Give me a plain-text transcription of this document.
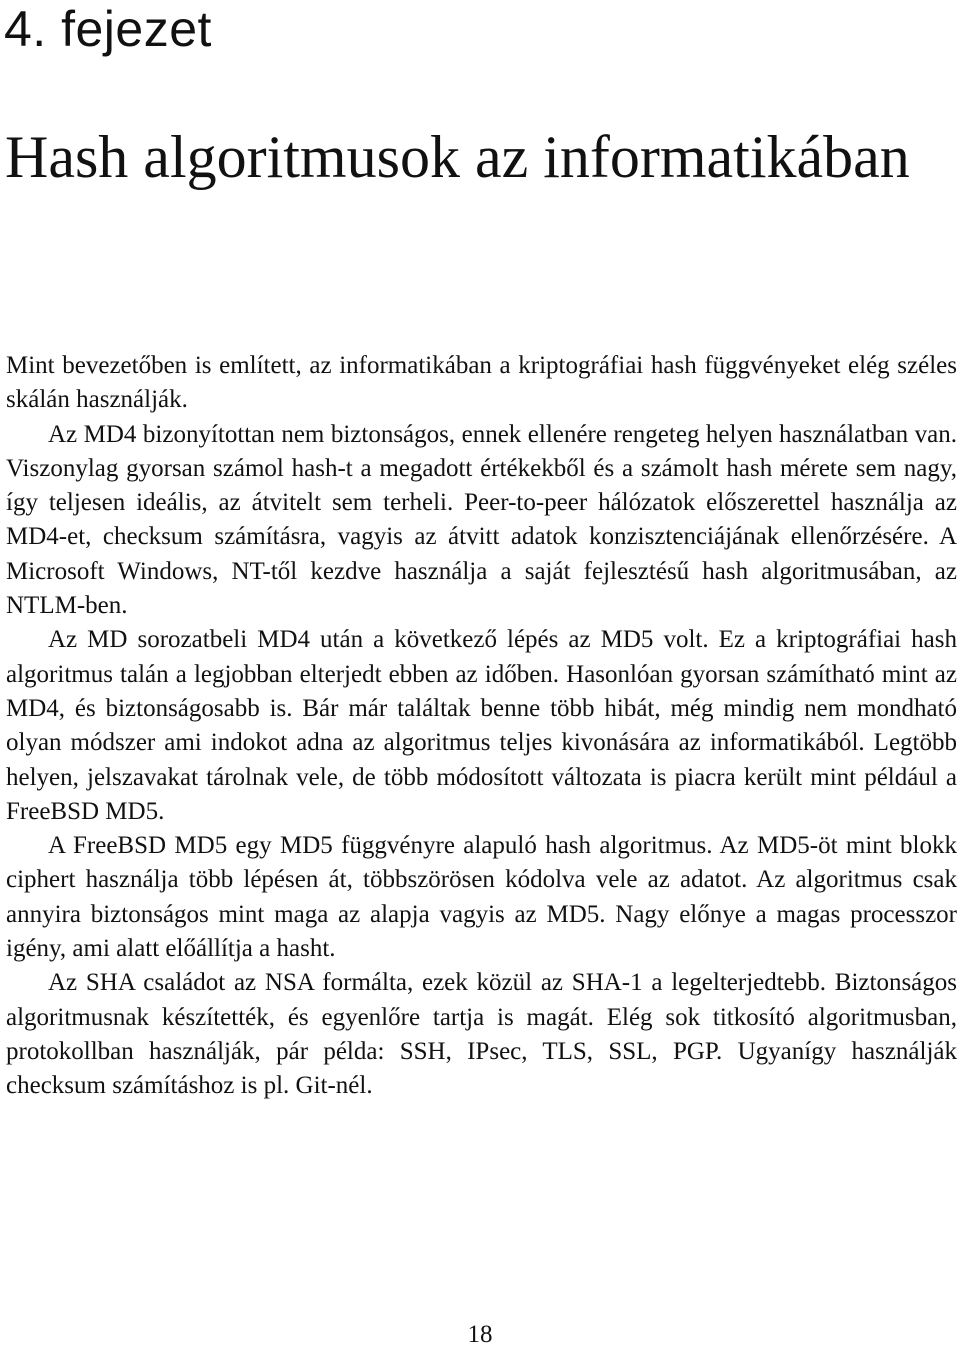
4. fejezet
Hash algoritmusok az informatikában

Mint bevezetőben is említett, az informatikában a kriptográfiai hash függvényeket elég széles skálán használják.

Az MD4 bizonyítottan nem biztonságos, ennek ellenére rengeteg helyen használatban van. Viszonylag gyorsan számol hash-t a megadott értékekből és a számolt hash mérete sem nagy, így teljesen ideális, az átvitelt sem terheli. Peer-to-peer hálózatok előszerettel használja az MD4-et, checksum számításra, vagyis az átvitt adatok konzisztenciájának ellenőrzésére. A Microsoft Windows, NT-től kezdve használja a saját fejlesztésű hash algoritmusában, az NTLM-ben.

Az MD sorozatbeli MD4 után a következő lépés az MD5 volt. Ez a kriptográfiai hash algoritmus talán a legjobban elterjedt ebben az időben. Hasonlóan gyorsan számítható mint az MD4, és biztonságosabb is. Bár már találtak benne több hibát, még mindig nem mondható olyan módszer ami indokot adna az algoritmus teljes kivonására az informatikából. Legtöbb helyen, jelszavakat tárolnak vele, de több módosított változata is piacra került mint például a FreeBSD MD5.

A FreeBSD MD5 egy MD5 függvényre alapuló hash algoritmus. Az MD5-öt mint blokk ciphert használja több lépésen át, többszörösen kódolva vele az adatot. Az algoritmus csak annyira biztonságos mint maga az alapja vagyis az MD5. Nagy előnye a magas processzor igény, ami alatt előállítja a hasht.

Az SHA családot az NSA formálta, ezek közül az SHA-1 a legelterjedtebb. Biztonságos algoritmusnak készítették, és egyenlőre tartja is magát. Elég sok titkosító algoritmusban, protokollban használják, pár példa: SSH, IPsec, TLS, SSL, PGP. Ugyanígy használják checksum számításhoz is pl. Git-nél.

18
